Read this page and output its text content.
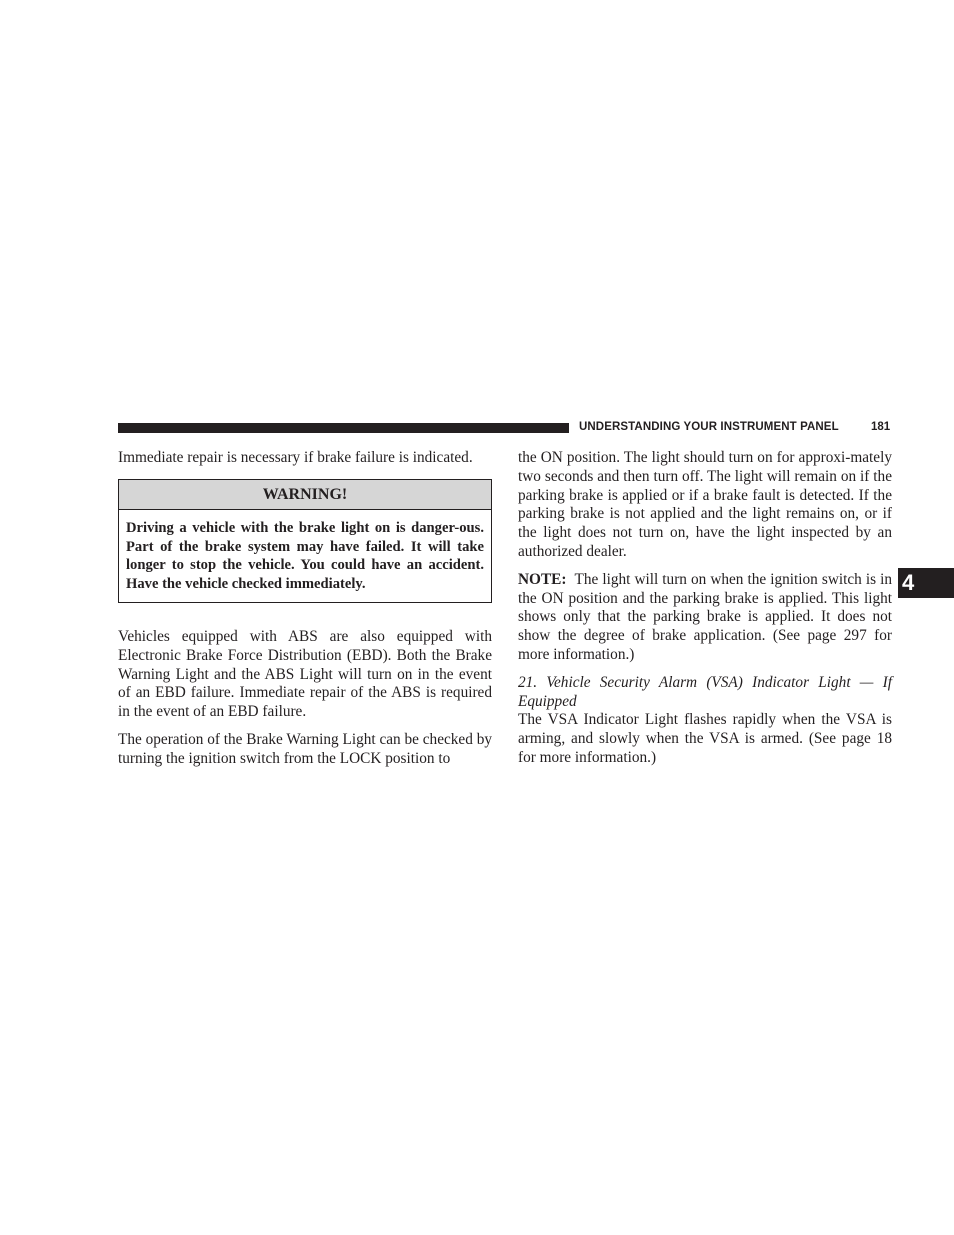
UNDERSTANDING YOUR INSTRUMENT PANEL	181
4

Immediate repair is necessary if brake failure is indicated.

WARNING!
Driving a vehicle with the brake light on is danger-ous. Part of the brake system may have failed. It will take longer to stop the vehicle. You could have an accident. Have the vehicle checked immediately.

Vehicles equipped with ABS are also equipped with Electronic Brake Force Distribution (EBD). Both the Brake Warning Light and the ABS Light will turn on in the event of an EBD failure. Immediate repair of the ABS is required in the event of an EBD failure.

The operation of the Brake Warning Light can be checked by turning the ignition switch from the LOCK position to

the ON position. The light should turn on for approxi-mately two seconds and then turn off. The light will remain on if the parking brake is applied or if a brake fault is detected. If the parking brake is not applied and the light remains on, or if the light does not turn on, have the light inspected by an authorized dealer.

NOTE: The light will turn on when the ignition switch is in the ON position and the parking brake is applied. This light shows only that the parking brake is applied. It does not show the degree of brake application. (See page 297 for more information.)

21. Vehicle Security Alarm (VSA) Indicator Light — If Equipped

The VSA Indicator Light flashes rapidly when the VSA is arming, and slowly when the VSA is armed. (See page 18 for more information.)
